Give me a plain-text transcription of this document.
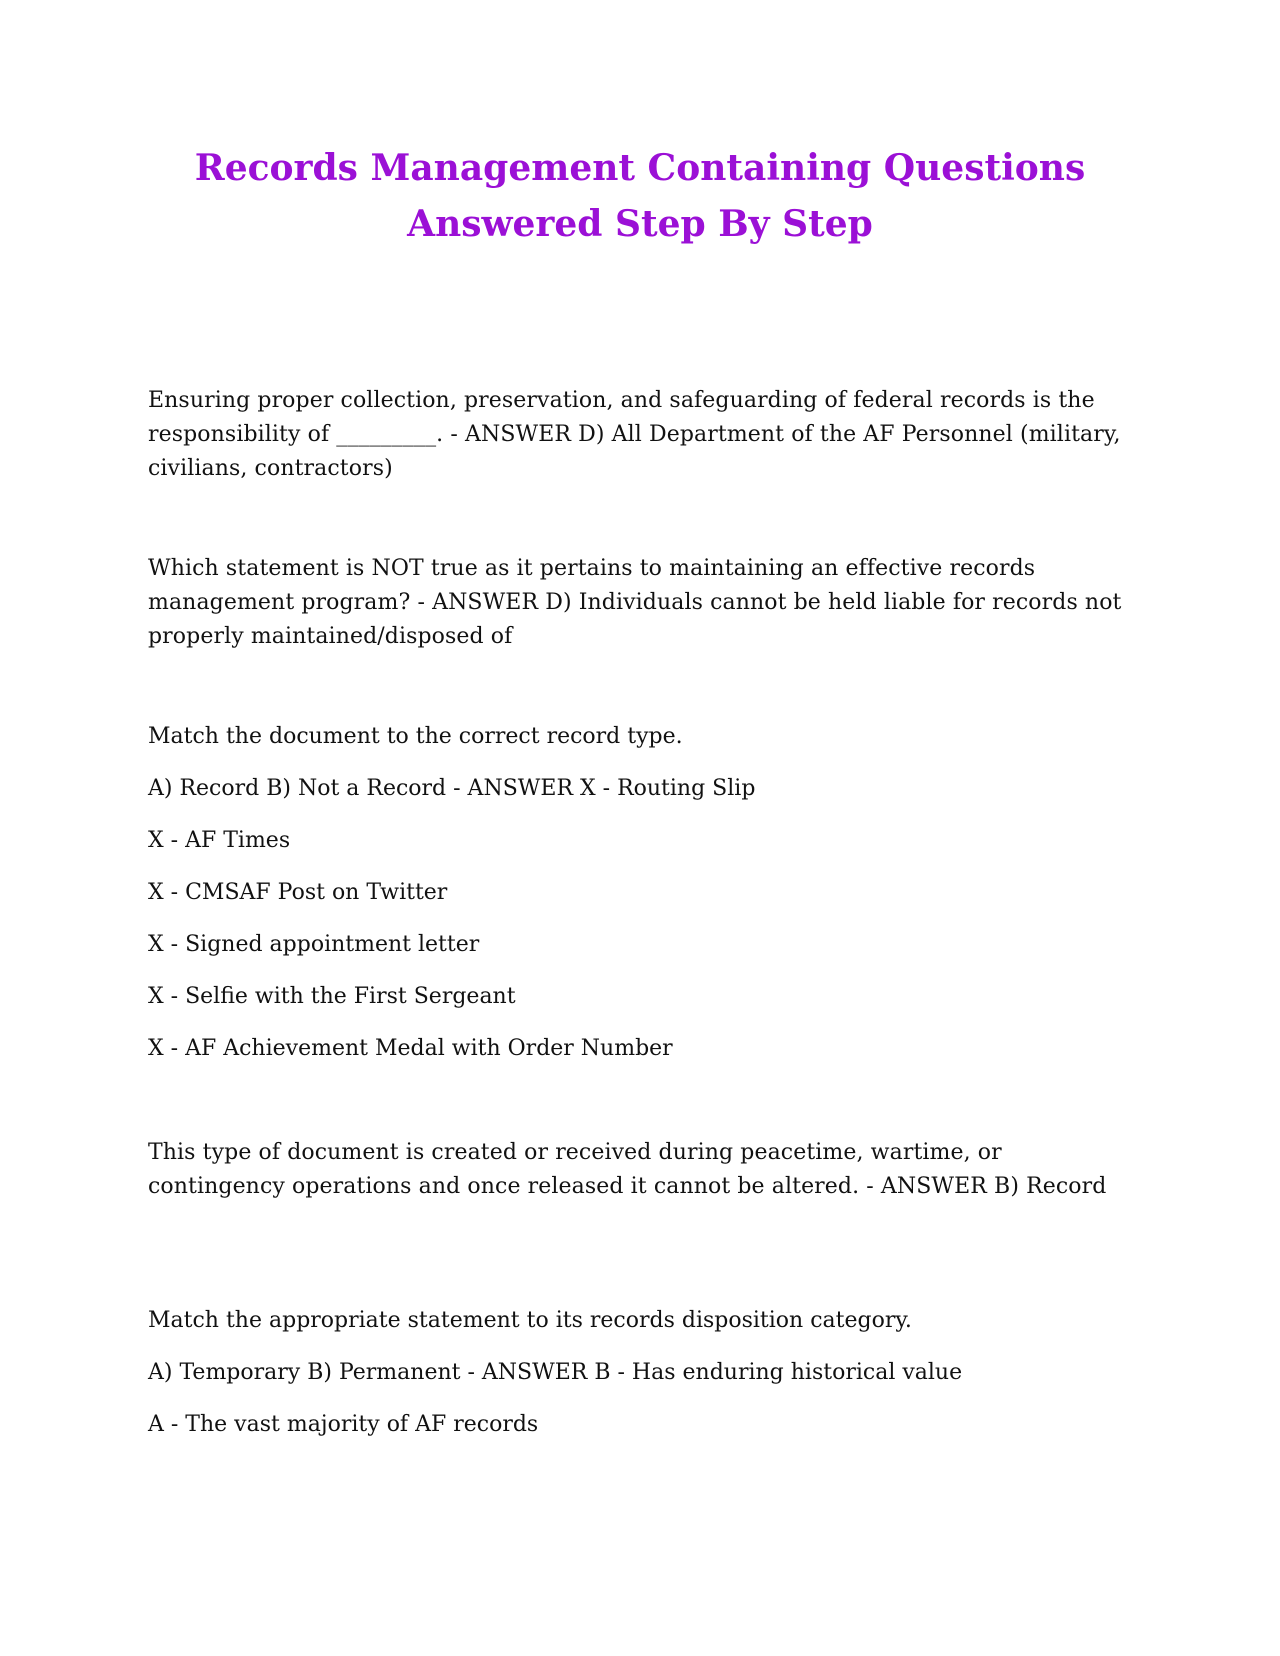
Records Management Containing Questions
Answered Step By Step

Ensuring proper collection, preservation, and safeguarding of federal records is the responsibility of _________. - ANSWER D) All Department of the AF Personnel (military, civilians, contractors)

Which statement is NOT true as it pertains to maintaining an effective records management program? - ANSWER D) Individuals cannot be held liable for records not properly maintained/disposed of

Match the document to the correct record type.

A) Record B) Not a Record - ANSWER X - Routing Slip

X - AF Times

X - CMSAF Post on Twitter

X - Signed appointment letter

X - Selfie with the First Sergeant

X - AF Achievement Medal with Order Number

This type of document is created or received during peacetime, wartime, or contingency operations and once released it cannot be altered. - ANSWER B) Record

Match the appropriate statement to its records disposition category.

A) Temporary B) Permanent - ANSWER B - Has enduring historical value

A - The vast majority of AF records
